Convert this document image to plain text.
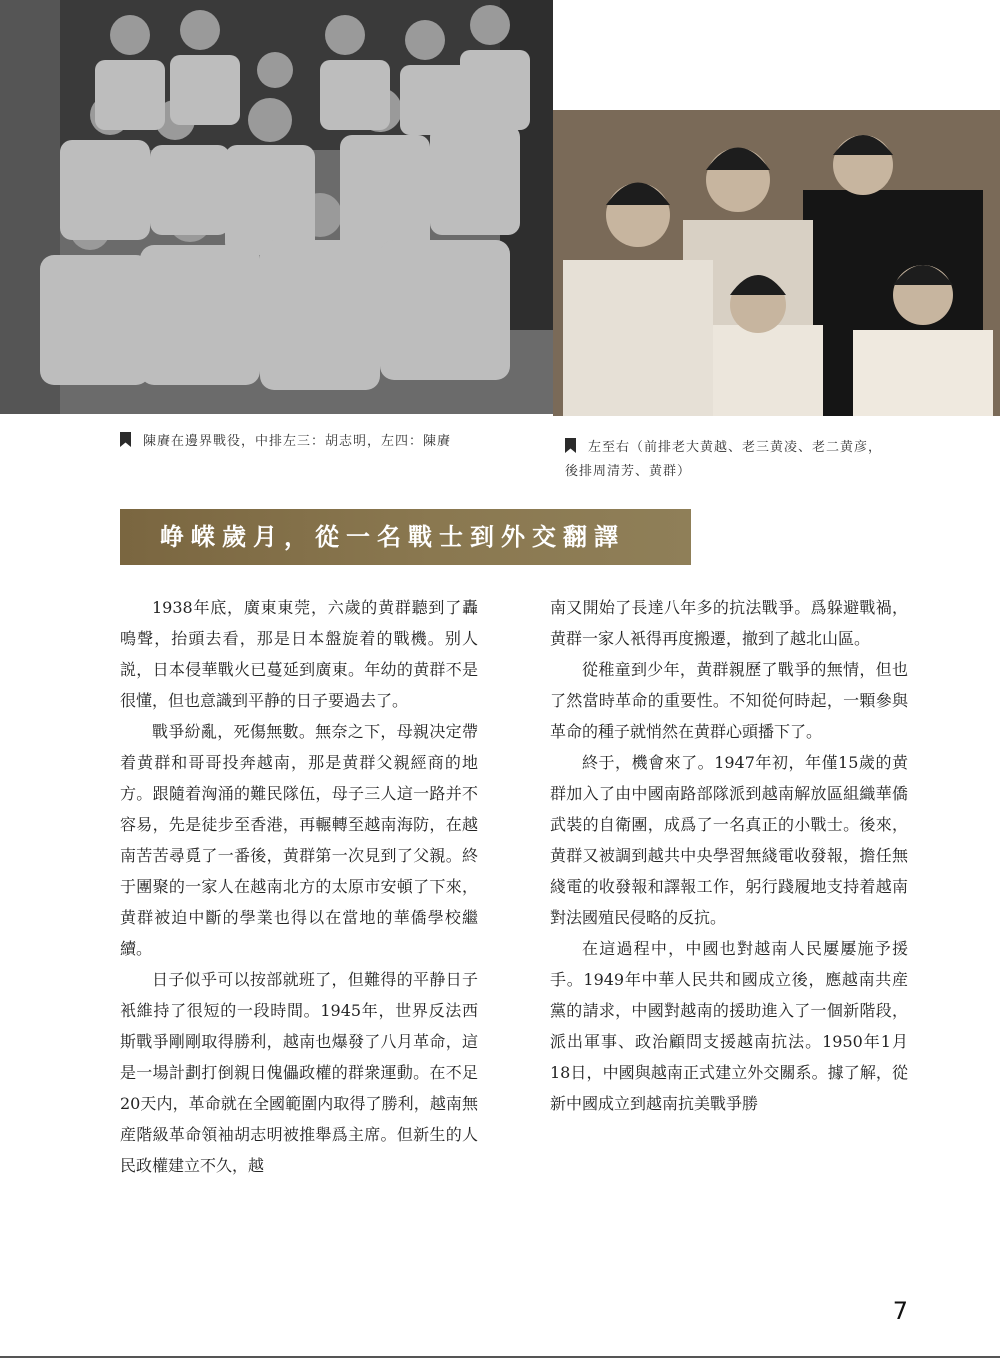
陳賡在邊界戰役，中排左三：胡志明，左四：陳賡	左至右（前排老大黄越、老三黄凌、老二黄彦，
後排周清芳、黄群）
峥嵘歲月，從一名戰士到外交翻譯

1938年底，廣東東莞，六歲的黄群聽到了轟鳴聲，抬頭去看，那是日本盤旋着的戰機。别人説，日本侵華戰火已蔓延到廣東。年幼的黄群不是很懂，但也意識到平静的日子要過去了。

戰爭紛亂，死傷無數。無奈之下，母親决定帶着黄群和哥哥投奔越南，那是黄群父親經商的地方。跟隨着洶涌的難民隊伍，母子三人這一路并不容易，先是徒步至香港，再輾轉至越南海防，在越南苦苦尋覓了一番後，黄群第一次見到了父親。終于團聚的一家人在越南北方的太原市安頓了下來，黄群被迫中斷的學業也得以在當地的華僑學校繼續。

日子似乎可以按部就班了，但難得的平静日子衹維持了很短的一段時間。1945年，世界反法西斯戰爭剛剛取得勝利，越南也爆發了八月革命，這是一場計劃打倒親日傀儡政權的群衆運動。在不足20天内，革命就在全國範圍内取得了勝利，越南無産階級革命領袖胡志明被推舉爲主席。但新生的人民政權建立不久，越

南又開始了長達八年多的抗法戰爭。爲躲避戰禍，黄群一家人衹得再度搬遷，撤到了越北山區。

從稚童到少年，黄群親歷了戰爭的無情，但也了然當時革命的重要性。不知從何時起，一顆參與革命的種子就悄然在黄群心頭播下了。

終于，機會來了。1947年初，年僅15歲的黄群加入了由中國南路部隊派到越南解放區組織華僑武裝的自衛團，成爲了一名真正的小戰士。後來，黄群又被調到越共中央學習無綫電收發報，擔任無綫電的收發報和譯報工作，躬行踐履地支持着越南對法國殖民侵略的反抗。

在這過程中，中國也對越南人民屢屢施予援手。1949年中華人民共和國成立後，應越南共産黨的請求，中國對越南的援助進入了一個新階段，派出軍事、政治顧問支援越南抗法。1950年1月18日，中國與越南正式建立外交關系。據了解，從新中國成立到越南抗美戰爭勝

7
